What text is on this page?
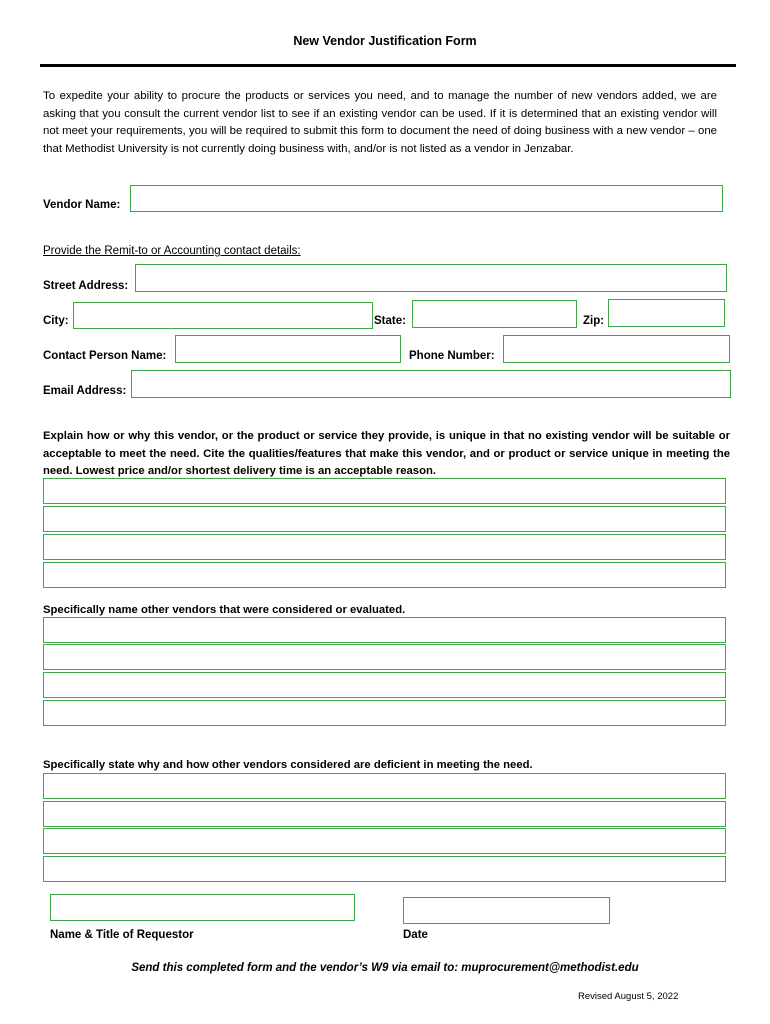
New Vendor Justification Form
To expedite your ability to procure the products or services you need, and to manage the number of new vendors added, we are asking that you consult the current vendor list to see if an existing vendor can be used. If it is determined that an existing vendor will not meet your requirements, you will be required to submit this form to document the need of doing business with a new vendor – one that Methodist University is not currently doing business with, and/or is not listed as a vendor in Jenzabar.
Vendor Name:
Provide the Remit-to or Accounting contact details:
Street Address:
City:	State:	Zip:
Contact Person Name:	Phone Number:
Email Address:
Explain how or why this vendor, or the product or service they provide, is unique in that no existing vendor will be suitable or acceptable to meet the need. Cite the qualities/features that make this vendor, and or product or service unique in meeting the need. Lowest price and/or shortest delivery time is an acceptable reason.
Specifically name other vendors that were considered or evaluated.
Specifically state why and how other vendors considered are deficient in meeting the need.
Name & Title of Requestor	Date
Send this completed form and the vendor’s W9 via email to: muprocurement@methodist.edu
Revised August 5, 2022
